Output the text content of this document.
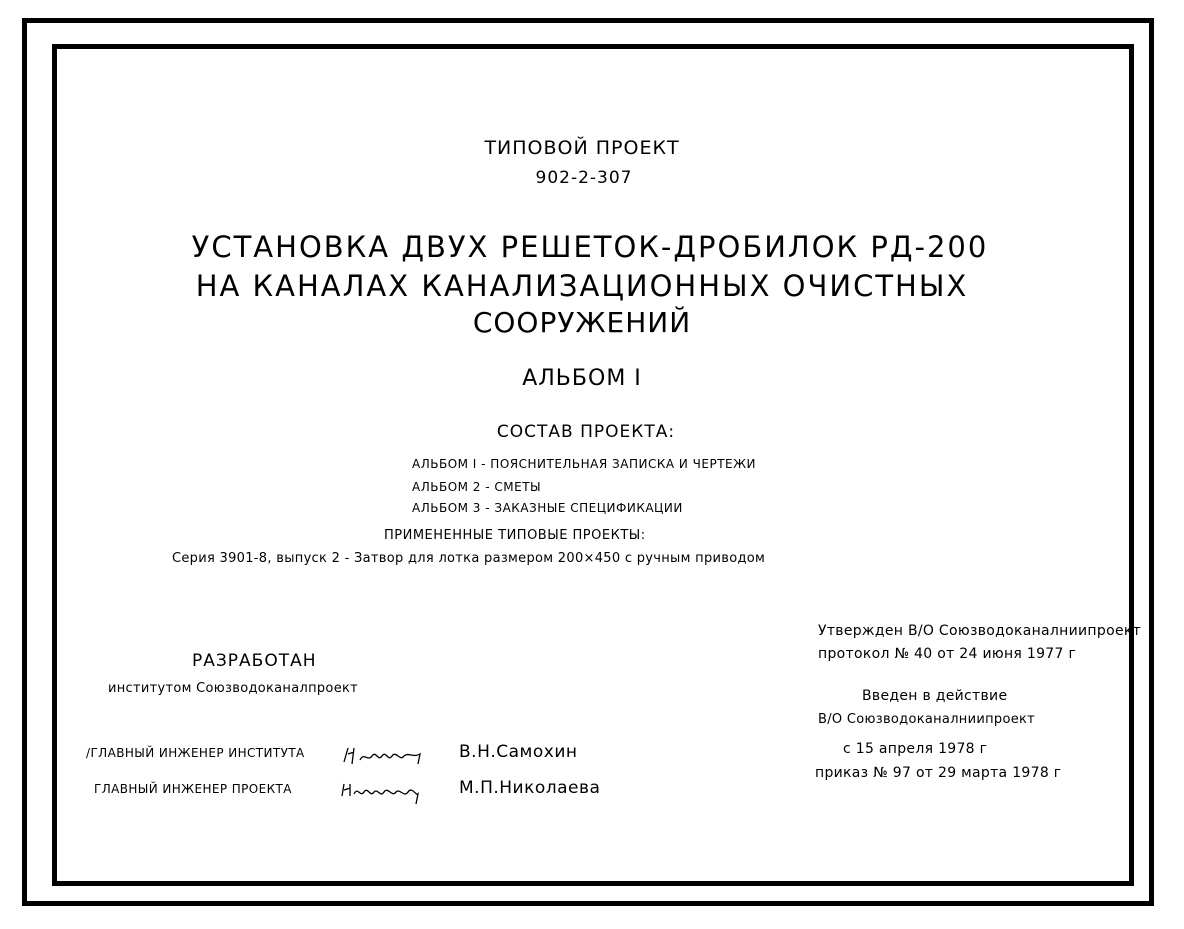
ТИПОВОЙ ПРОЕКТ
902-2-307
УСТАНОВКА ДВУХ РЕШЕТОК-ДРОБИЛОК РД-200
НА КАНАЛАХ КАНАЛИЗАЦИОННЫХ ОЧИСТНЫХ
СООРУЖЕНИЙ
АЛЬБОМ I
СОСТАВ ПРОЕКТА:
АЛЬБОМ I - ПОЯСНИТЕЛЬНАЯ ЗАПИСКА И ЧЕРТЕЖИ
АЛЬБОМ 2 - СМЕТЫ
АЛЬБОМ 3 - ЗАКАЗНЫЕ СПЕЦИФИКАЦИИ
ПРИМЕНЕННЫЕ ТИПОВЫЕ ПРОЕКТЫ:
Серия 3901-8, выпуск 2 - Затвор для лотка размером 200×450 с ручным приводом
РАЗРАБОТАН
институтом Союзводоканалпроект
/ГЛАВНЫЙ ИНЖЕНЕР ИНСТИТУТА	В.Н.Самохин
ГЛАВНЫЙ ИНЖЕНЕР ПРОЕКТА	М.П.Николаева
Утвержден В/О Союзводоканалниипроект
протокол № 40 от 24 июня 1977 г
Введен в действие
В/О Союзводоканалниипроект
с 15 апреля 1978 г
приказ № 97 от 29 марта 1978 г
